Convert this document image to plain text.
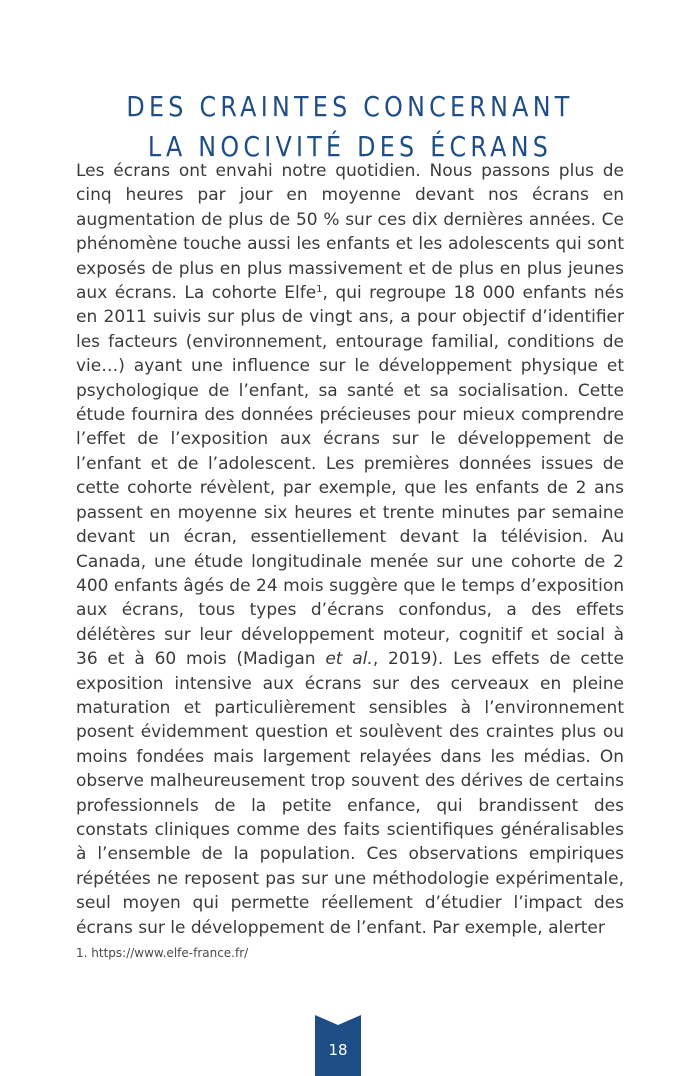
DES CRAINTES CONCERNANT
LA NOCIVITÉ DES ÉCRANS
Les écrans ont envahi notre quotidien. Nous passons plus de cinq heures par jour en moyenne devant nos écrans en augmentation de plus de 50 % sur ces dix dernières années. Ce phénomène touche aussi les enfants et les adolescents qui sont exposés de plus en plus massivement et de plus en plus jeunes aux écrans. La cohorte Elfe$^1$, qui regroupe 18 000 enfants nés en 2011 suivis sur plus de vingt ans, a pour objectif d’identifier les facteurs (environnement, entourage familial, conditions de vie…) ayant une influence sur le développement physique et psychologique de l’enfant, sa santé et sa socialisation. Cette étude fournira des données précieuses pour mieux comprendre l’effet de l’exposition aux écrans sur le développement de l’enfant et de l’adolescent. Les premières données issues de cette cohorte révèlent, par exemple, que les enfants de 2 ans passent en moyenne six heures et trente minutes par semaine devant un écran, essentiellement devant la télévision. Au Canada, une étude longitudinale menée sur une cohorte de 2 400 enfants âgés de 24 mois suggère que le temps d’exposition aux écrans, tous types d’écrans confondus, a des effets délétères sur leur développement moteur, cognitif et social à 36 et à 60 mois (Madigan et al., 2019). Les effets de cette exposition intensive aux écrans sur des cerveaux en pleine maturation et particulièrement sensibles à l’environnement posent évidemment question et soulèvent des craintes plus ou moins fondées mais largement relayées dans les médias. On observe malheureusement trop souvent des dérives de certains professionnels de la petite enfance, qui brandissent des constats cliniques comme des faits scientifiques généralisables à l’ensemble de la population. Ces observations empiriques répétées ne reposent pas sur une méthodologie expérimentale, seul moyen qui permette réellement d’étudier l’impact des écrans sur le développement de l’enfant. Par exemple, alerter
1. https://www.elfe-france.fr/
18
